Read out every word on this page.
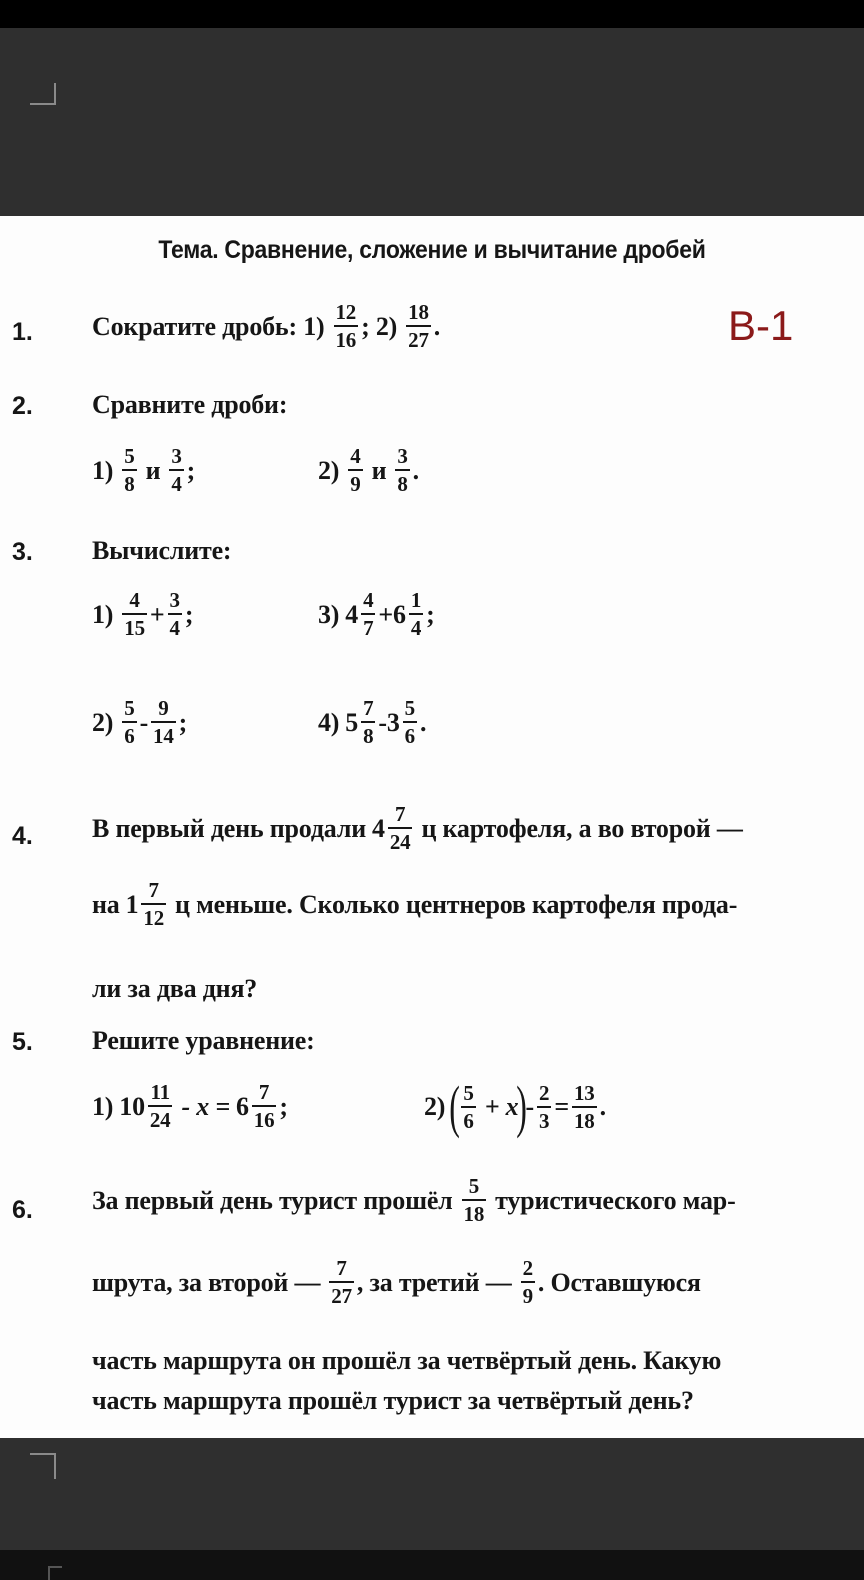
Тема. Сравнение, сложение и вычитание дробей
В-1
1. Сократите дробь: $1) \frac{12}{16}$ ; $2) \frac{18}{27}$ .
2. Сравните дроби:
$1) \frac{5}{8}$ и $\frac{3}{4}$ ;	$2) \frac{4}{9}$ и $\frac{3}{8}$ .
3. Вычислите:
$1) \frac{4}{15} + \frac{3}{4}$ ;	3) $4 \frac{4}{7} + 6 \frac{1}{4}$ ;
$2) \frac{5}{6} - \frac{9}{14}$ ;	4) $5 \frac{7}{8} - 3 \frac{5}{6}$ .
4. В первый день продали $4 \frac{7}{24}$ ц картофеля, а во второй —
на $1 \frac{7}{12}$ ц меньше. Сколько центнеров картофеля прода-
ли за два дня?
5. Решите уравнение:
1) $10 \frac{11}{24} - x = 6 \frac{7}{16}$ ;	2) ( $\frac{5}{6} + x$
)
- $\frac{2}{3} = \frac{13}{18}$ .
6. За первый день турист прошёл $\frac{5}{18}$ туристического мар-
шрута, за второй — $\frac{7}{27}$ , за третий — $\frac{2}{9}$ . Оставшуюся
часть маршрута он прошёл за четвёртый день. Какую
часть маршрута прошёл турист за четвёртый день?
